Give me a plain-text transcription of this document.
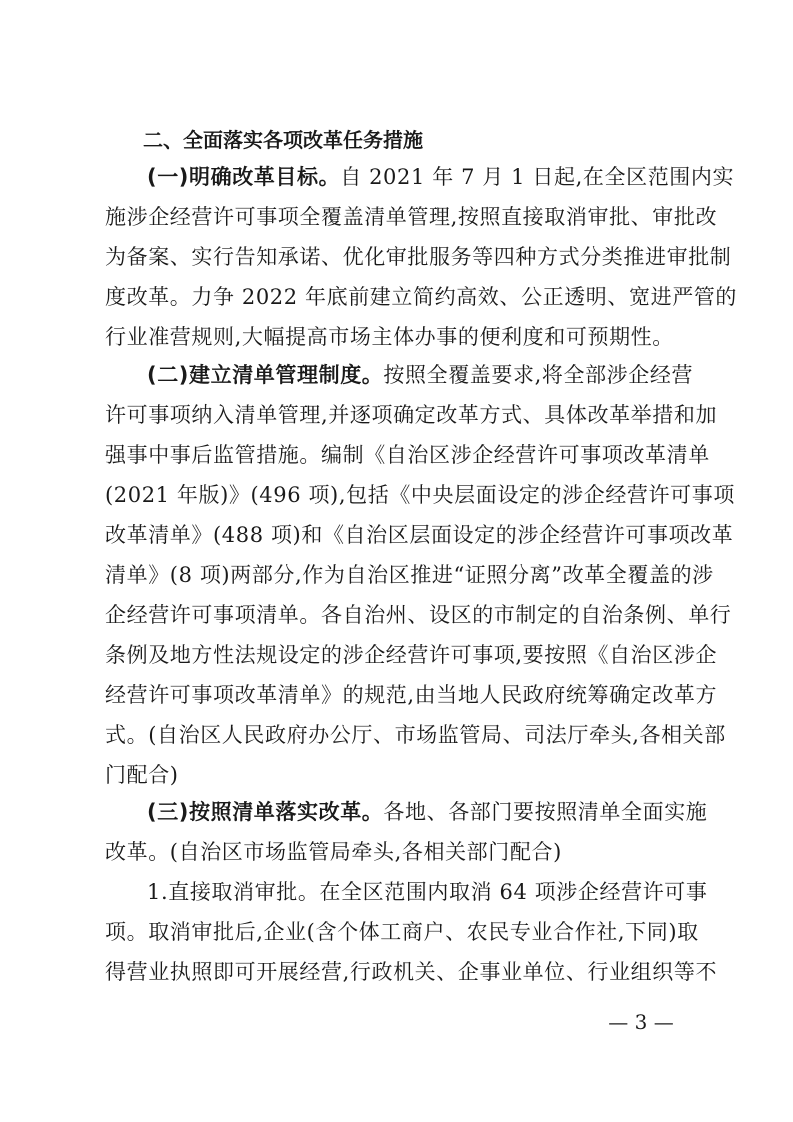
二、全面落实各项改革任务措施
(一)明确改革目标。自 2021 年 7 月 1 日起,在全区范围内实
施涉企经营许可事项全覆盖清单管理,按照直接取消审批、审批改
为备案、实行告知承诺、优化审批服务等四种方式分类推进审批制
度改革。力争 2022 年底前建立简约高效、公正透明、宽进严管的
行业准营规则,大幅提高市场主体办事的便利度和可预期性。
(二)建立清单管理制度。按照全覆盖要求,将全部涉企经营
许可事项纳入清单管理,并逐项确定改革方式、具体改革举措和加
强事中事后监管措施。编制《自治区涉企经营许可事项改革清单
(2021 年版)》(496 项),包括《中央层面设定的涉企经营许可事项
改革清单》(488 项)和《自治区层面设定的涉企经营许可事项改革
清单》(8 项)两部分,作为自治区推进“证照分离”改革全覆盖的涉
企经营许可事项清单。各自治州、设区的市制定的自治条例、单行
条例及地方性法规设定的涉企经营许可事项,要按照《自治区涉企
经营许可事项改革清单》的规范,由当地人民政府统筹确定改革方
式。(自治区人民政府办公厅、市场监管局、司法厅牵头,各相关部
门配合)
(三)按照清单落实改革。各地、各部门要按照清单全面实施
改革。(自治区市场监管局牵头,各相关部门配合)
1.直接取消审批。在全区范围内取消 64 项涉企经营许可事
项。取消审批后,企业(含个体工商户、农民专业合作社,下同)取
得营业执照即可开展经营,行政机关、企事业单位、行业组织等不
— 3 —
